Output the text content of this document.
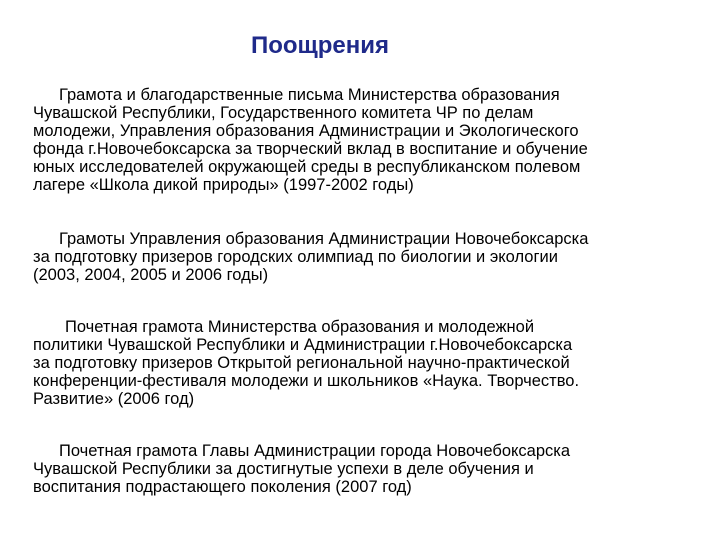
Поощрения

Грамота и благодарственные письма Министерства образования
Чувашской Республики, Государственного комитета ЧР по делам
молодежи, Управления образования Администрации и Экологического
фонда г.Новочебоксарска за творческий вклад в воспитание и обучение
юных исследователей окружающей среды в республиканском полевом
лагере «Школа дикой природы» (1997-2002 годы)

Грамоты Управления образования Администрации Новочебоксарска
за подготовку призеров городских олимпиад по биологии и экологии
(2003, 2004, 2005 и 2006 годы)

Почетная грамота Министерства образования и молодежной
политики Чувашской Республики и Администрации г.Новочебоксарска
за подготовку призеров Открытой региональной научно-практической
конференции-фестиваля молодежи и школьников «Наука. Творчество.
Развитие» (2006 год)

Почетная грамота Главы Администрации города Новочебоксарска
Чувашской Республики за достигнутые успехи в деле обучения и
воспитания подрастающего поколения (2007 год)
